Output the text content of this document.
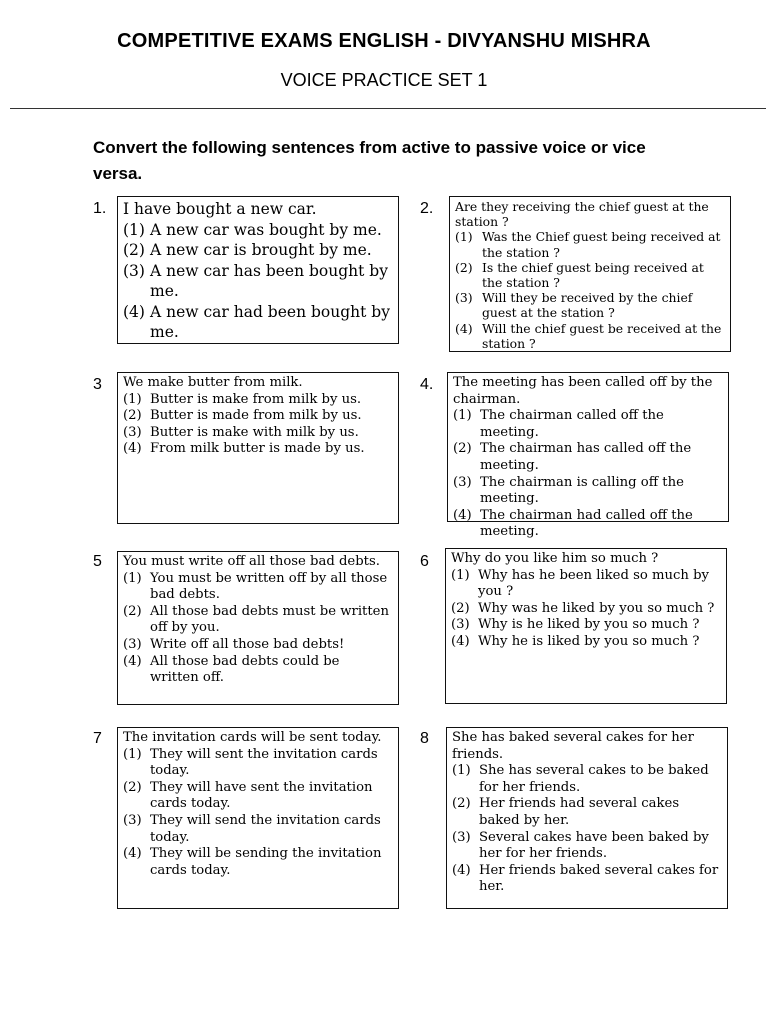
COMPETITIVE EXAMS ENGLISH - DIVYANSHU MISHRA
VOICE PRACTICE SET 1
Convert the following sentences from active to passive voice or vice versa.
1. I have bought a new car.
(1) A new car was bought by me.
(2) A new car is brought by me.
(3) A new car has been bought by me.
(4) A new car had been bought by me.
2. Are they receiving the chief guest at the station ?
(1) Was the Chief guest being received at the station ?
(2) Is the chief guest being received at the station ?
(3) Will they be received by the chief guest at the station ?
(4) Will the chief guest be received at the station ?
3 We make butter from milk.
(1) Butter is make from milk by us.
(2) Butter is made from milk by us.
(3) Butter is make with milk by us.
(4) From milk butter is made by us.
4. The meeting has been called off by the chairman.
(1) The chairman called off the meeting.
(2) The chairman has called off the meeting.
(3) The chairman is calling off the meeting.
(4) The chairman had called off the meeting.
5 You must write off all those bad debts.
(1) You must be written off by all those bad debts.
(2) All those bad debts must be written off by you.
(3) Write off all those bad debts!
(4) All those bad debts could be written off.
6 Why do you like him so much ?
(1) Why has he been liked so much by you ?
(2) Why was he liked by you so much ?
(3) Why is he liked by you so much ?
(4) Why he is liked by you so much ?
7 The invitation cards will be sent today.
(1) They will sent the invitation cards today.
(2) They will have sent the invitation cards today.
(3) They will send the invitation cards today.
(4) They will be sending the invitation cards today.
8 She has baked several cakes for her friends.
(1) She has several cakes to be baked for her friends.
(2) Her friends had several cakes baked by her.
(3) Several cakes have been baked by her for her friends.
(4) Her friends baked several cakes for her.
